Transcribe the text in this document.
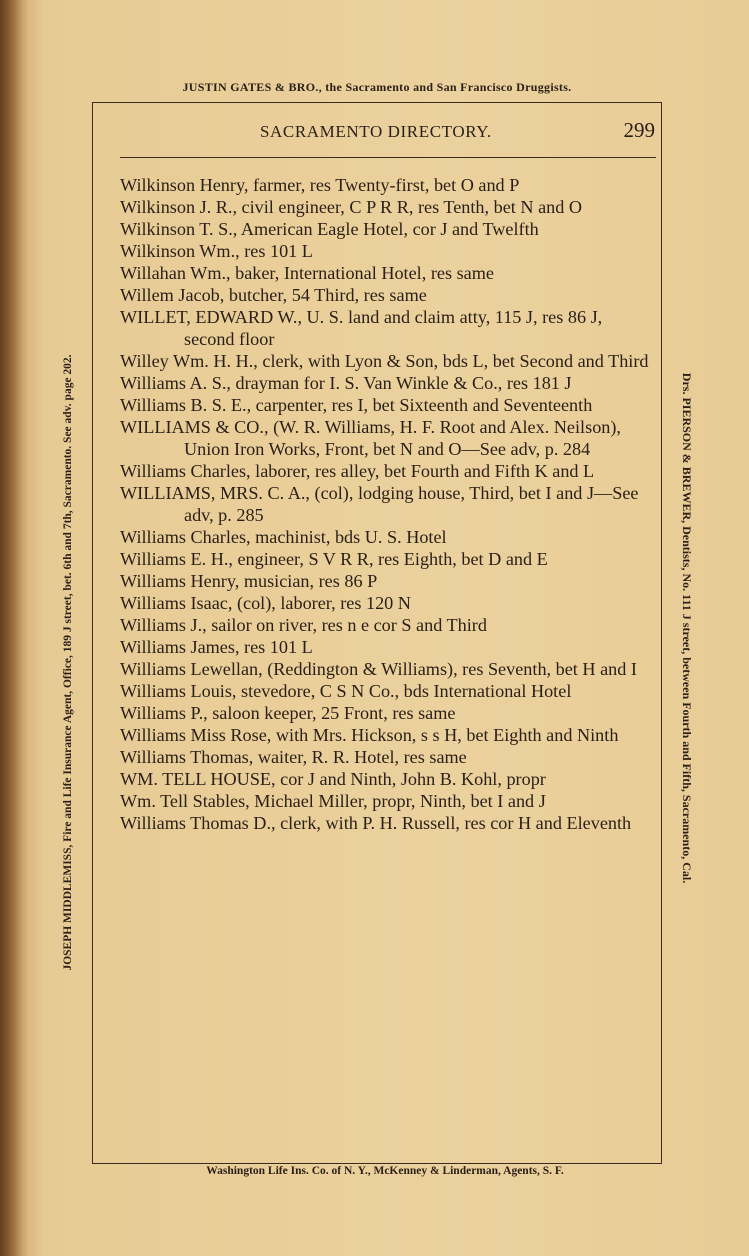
JUSTIN GATES & BRO., the Sacramento and San Francisco Druggists.
SACRAMENTO DIRECTORY.	299
JOSEPH MIDDLEMISS, Fire and Life Insurance Agent, Office, 189 J street, bet. 6th and 7th, Sacramento. See adv. page 202.	Drs. PIERSON & BREWER, Dentists, No. 111 J street, between Fourth and Fifth, Sacramento, Cal.

Wilkinson Henry, farmer, res Twenty-first, bet O and P

Wilkinson J. R., civil engineer, C P R R, res Tenth, bet N and O

Wilkinson T. S., American Eagle Hotel, cor J and Twelfth

Wilkinson Wm., res 101 L

Willahan Wm., baker, International Hotel, res same

Willem Jacob, butcher, 54 Third, res same

WILLET, EDWARD W., U. S. land and claim atty, 115 J, res 86 J, second floor

Willey Wm. H. H., clerk, with Lyon & Son, bds L, bet Second and Third

Williams A. S., drayman for I. S. Van Winkle & Co., res 181 J

Williams B. S. E., carpenter, res I, bet Sixteenth and Seventeenth

WILLIAMS & CO., (W. R. Williams, H. F. Root and Alex. Neilson), Union Iron Works, Front, bet N and O—See adv, p. 284

Williams Charles, laborer, res alley, bet Fourth and Fifth K and L

WILLIAMS, MRS. C. A., (col), lodging house, Third, bet I and J—See adv, p. 285

Williams Charles, machinist, bds U. S. Hotel

Williams E. H., engineer, S V R R, res Eighth, bet D and E

Williams Henry, musician, res 86 P

Williams Isaac, (col), laborer, res 120 N

Williams J., sailor on river, res n e cor S and Third

Williams James, res 101 L

Williams Lewellan, (Reddington & Williams), res Seventh, bet H and I

Williams Louis, stevedore, C S N Co., bds International Hotel

Williams P., saloon keeper, 25 Front, res same

Williams Miss Rose, with Mrs. Hickson, s s H, bet Eighth and Ninth

Williams Thomas, waiter, R. R. Hotel, res same

WM. TELL HOUSE, cor J and Ninth, John B. Kohl, propr

Wm. Tell Stables, Michael Miller, propr, Ninth, bet I and J

Williams Thomas D., clerk, with P. H. Russell, res cor H and Eleventh

Washington Life Ins. Co. of N. Y., McKenney & Linderman, Agents, S. F.
